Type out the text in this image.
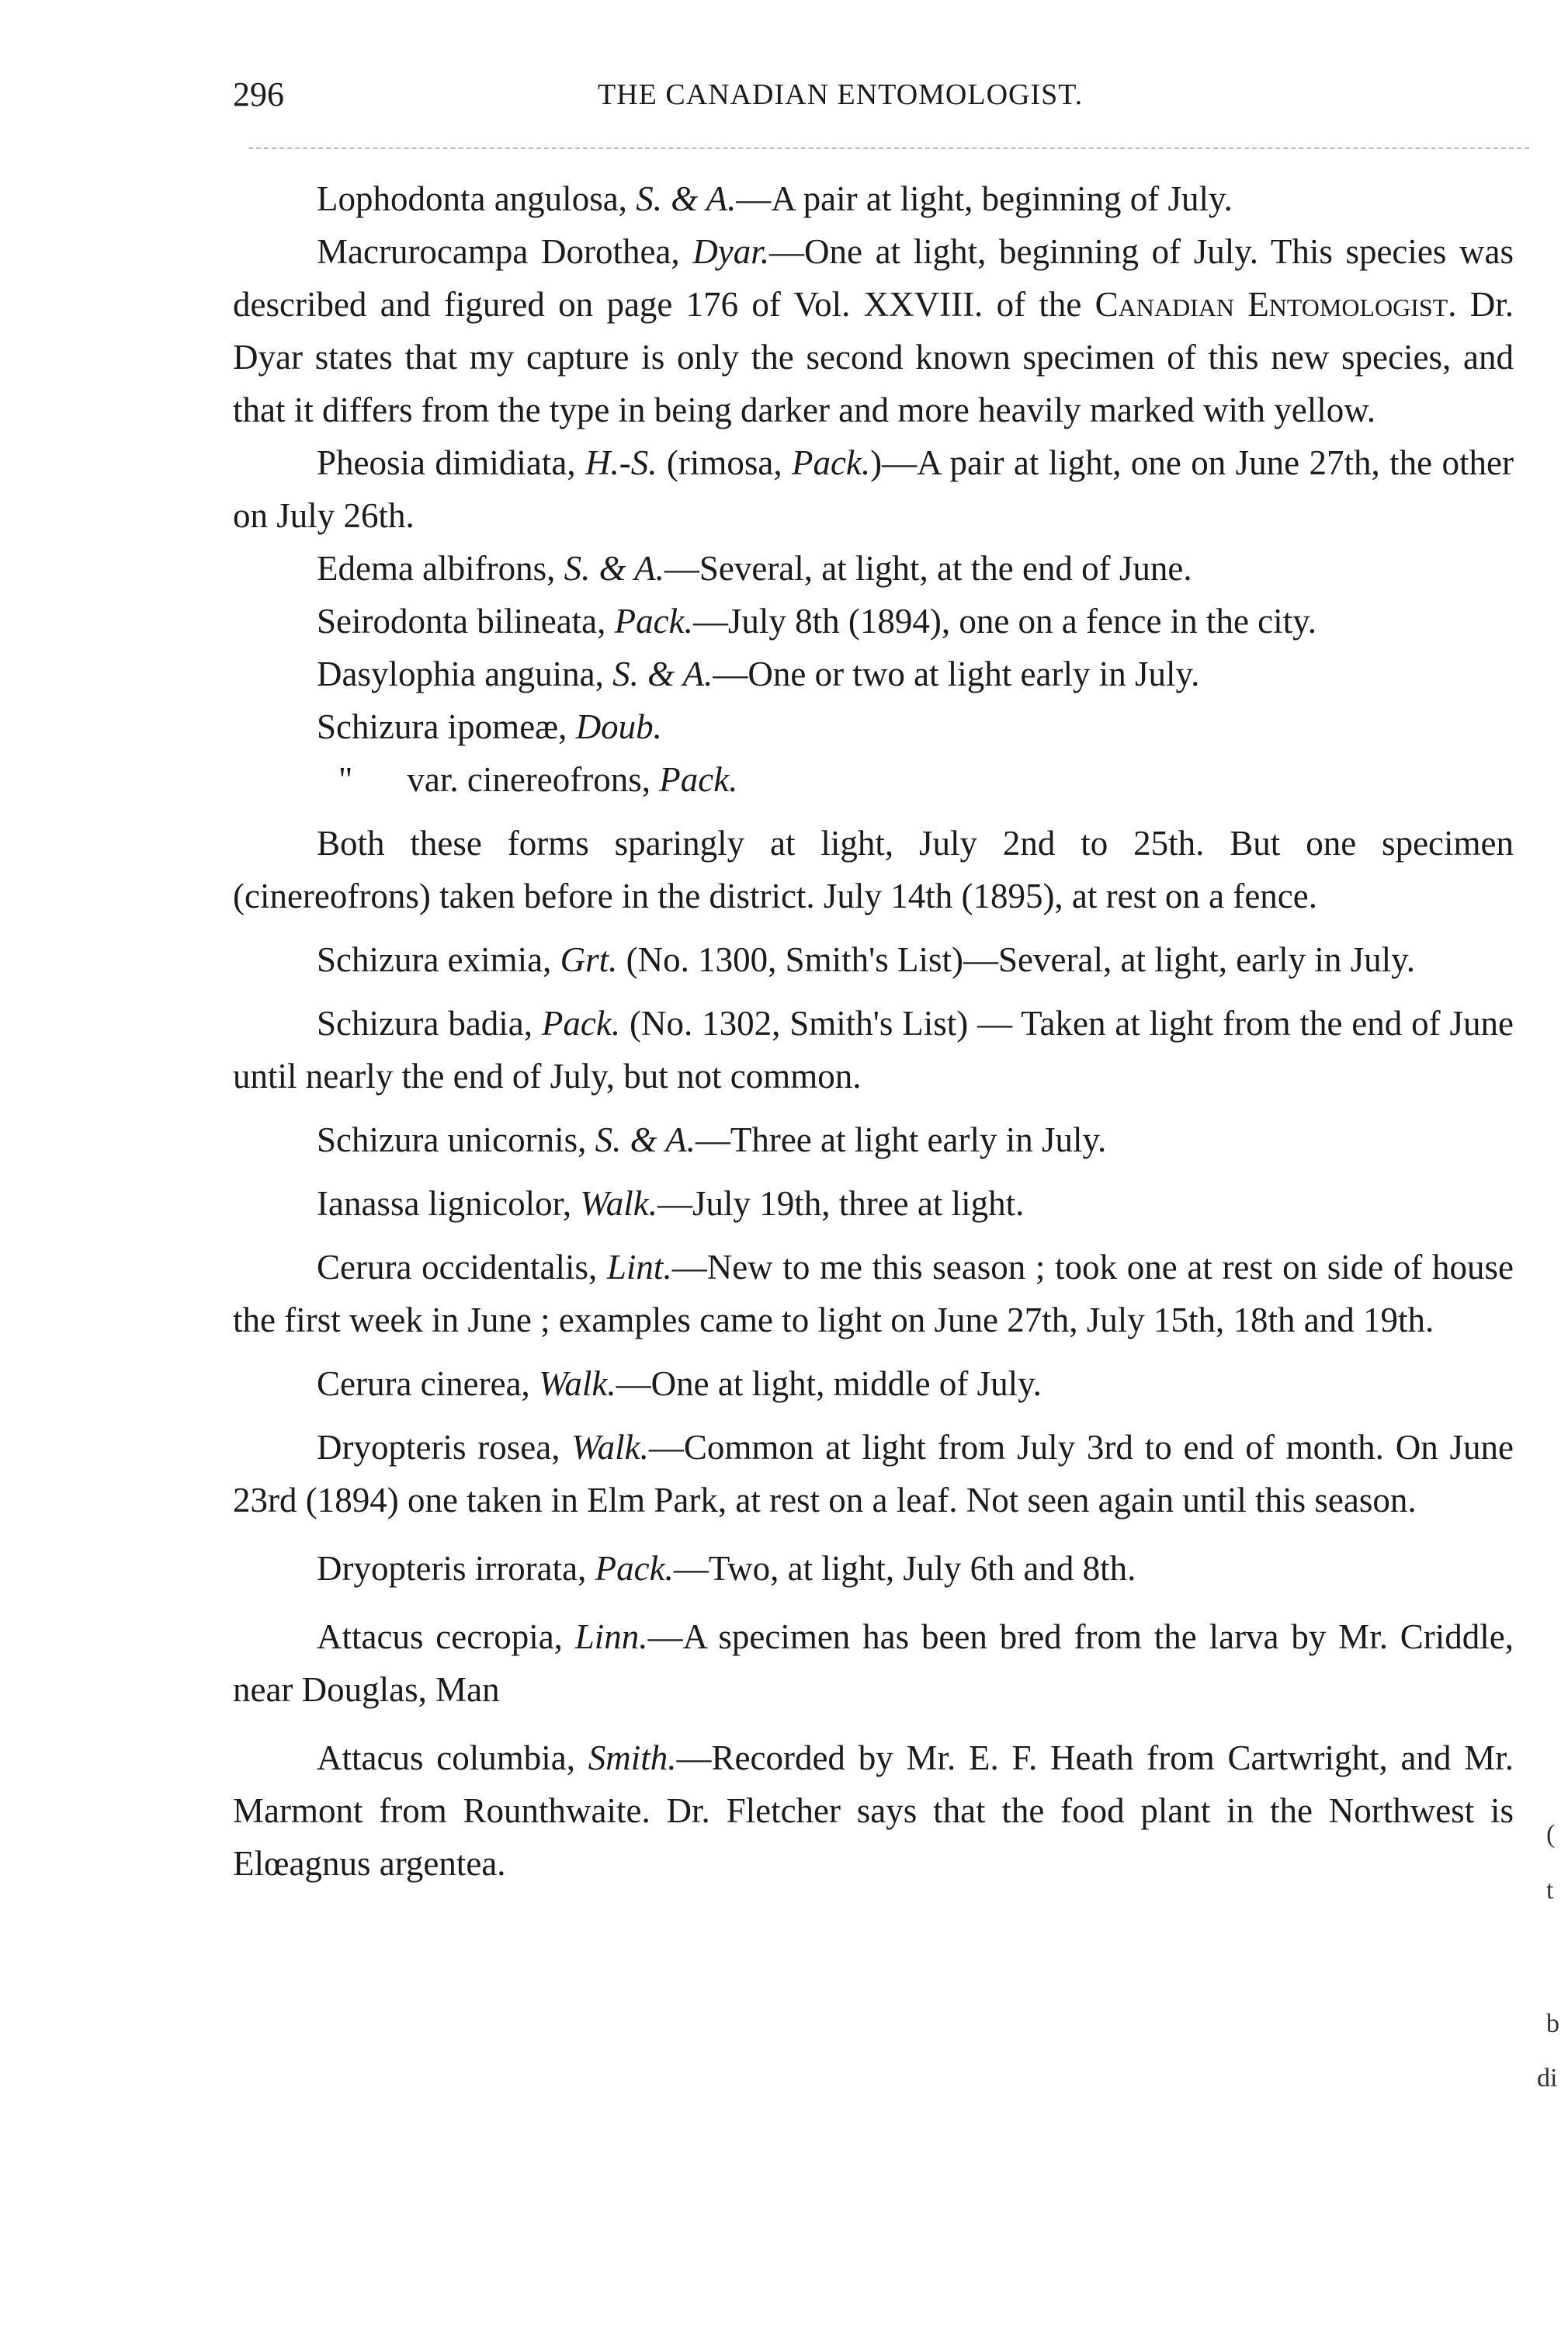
296	THE CANADIAN ENTOMOLOGIST.

Lophodonta angulosa, S. & A.—A pair at light, beginning of July.

Macrurocampa Dorothea, Dyar.—One at light, beginning of July. This species was described and figured on page 176 of Vol. XXVIII. of the Canadian Entomologist. Dr. Dyar states that my capture is only the second known specimen of this new species, and that it differs from the type in being darker and more heavily marked with yellow.

Pheosia dimidiata, H.-S. (rimosa, Pack.)—A pair at light, one on June 27th, the other on July 26th.

Edema albifrons, S. & A.—Several, at light, at the end of June.

Seirodonta bilineata, Pack.—July 8th (1894), one on a fence in the city.

Dasylophia anguina, S. & A.—One or two at light early in July.

Schizura ipomeæ, Doub.

" var. cinereofrons, Pack.

Both these forms sparingly at light, July 2nd to 25th. But one specimen (cinereofrons) taken before in the district. July 14th (1895), at rest on a fence.

Schizura eximia, Grt. (No. 1300, Smith's List)—Several, at light, early in July.

Schizura badia, Pack. (No. 1302, Smith's List) — Taken at light from the end of June until nearly the end of July, but not common.

Schizura unicornis, S. & A.—Three at light early in July.

Ianassa lignicolor, Walk.—July 19th, three at light.

Cerura occidentalis, Lint.—New to me this season ; took one at rest on side of house the first week in June ; examples came to light on June 27th, July 15th, 18th and 19th.

Cerura cinerea, Walk.—One at light, middle of July.

Dryopteris rosea, Walk.—Common at light from July 3rd to end of month. On June 23rd (1894) one taken in Elm Park, at rest on a leaf. Not seen again until this season.

Dryopteris irrorata, Pack.—Two, at light, July 6th and 8th.

Attacus cecropia, Linn.—A specimen has been bred from the larva by Mr. Criddle, near Douglas, Man

Attacus columbia, Smith.—Recorded by Mr. E. F. Heath from Cartwright, and Mr. Marmont from Rounthwaite. Dr. Fletcher says that the food plant in the Northwest is Elœagnus argentea.

(
t
b
di
